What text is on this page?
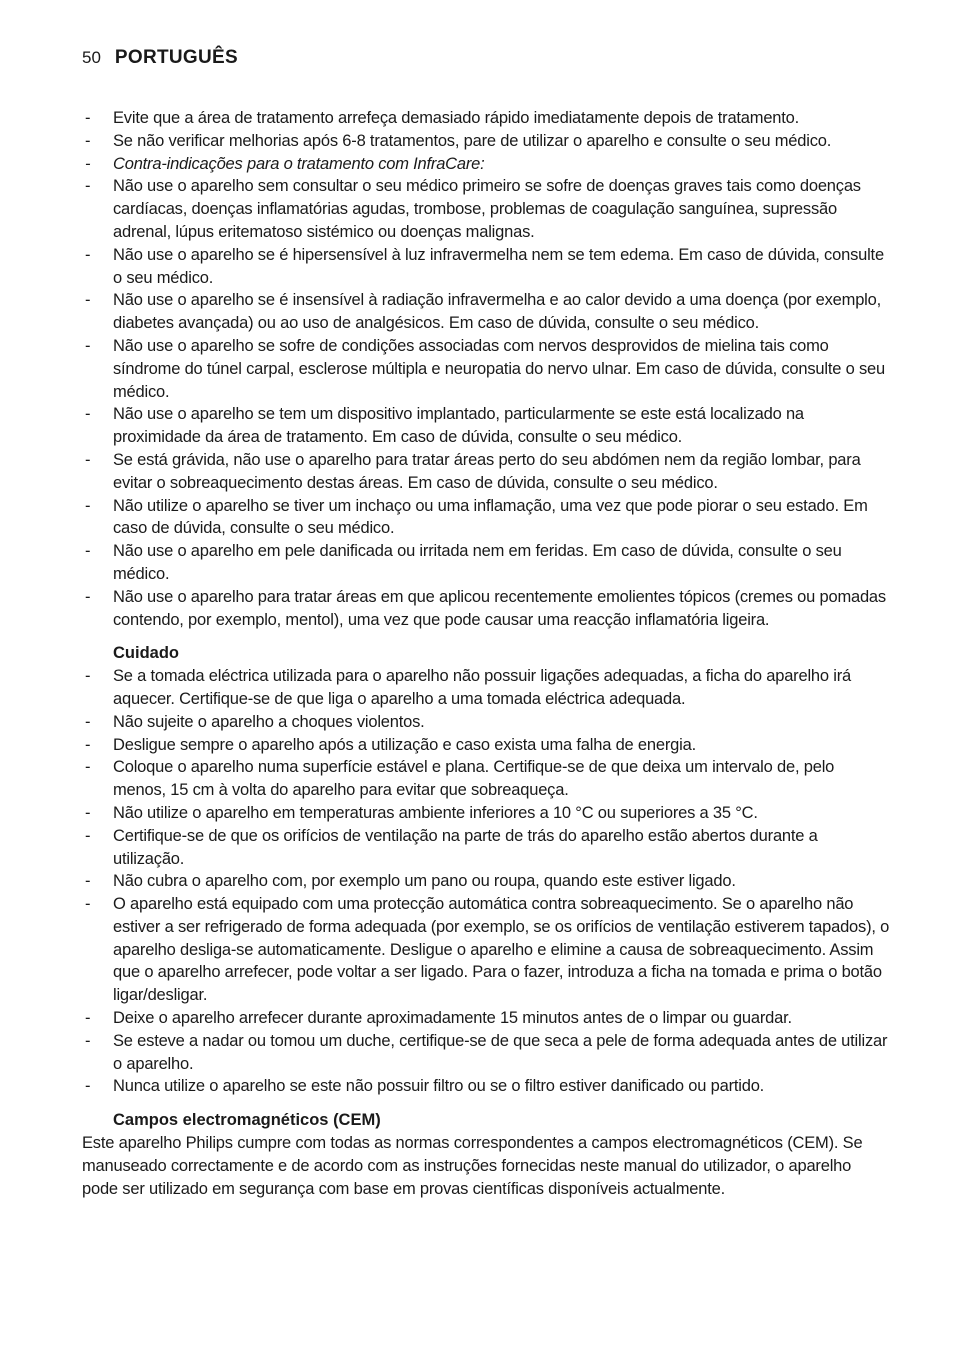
50 PORTUGUÊS
- Evite que a área de tratamento arrefeça demasiado rápido imediatamente depois de tratamento.
- Se não verificar melhorias após 6-8 tratamentos, pare de utilizar o aparelho e consulte o seu médico.
- Contra-indicações para o tratamento com InfraCare:
- Não use o aparelho sem consultar o seu médico primeiro se sofre de doenças graves tais como doenças cardíacas, doenças inflamatórias agudas, trombose, problemas de coagulação sanguínea, supressão adrenal, lúpus eritematoso sistémico ou doenças malignas.
- Não use o aparelho se é hipersensível à luz infravermelha nem se tem edema. Em caso de dúvida, consulte o seu médico.
- Não use o aparelho se é insensível à radiação infravermelha e ao calor devido a uma doença (por exemplo, diabetes avançada) ou ao uso de analgésicos. Em caso de dúvida, consulte o seu médico.
- Não use o aparelho se sofre de condições associadas com nervos desprovidos de mielina tais como síndrome do túnel carpal, esclerose múltipla e neuropatia do nervo ulnar. Em caso de dúvida, consulte o seu médico.
- Não use o aparelho se tem um dispositivo implantado, particularmente se este está localizado na proximidade da área de tratamento. Em caso de dúvida, consulte o seu médico.
- Se está grávida, não use o aparelho para tratar áreas perto do seu abdómen nem da região lombar, para evitar o sobreaquecimento destas áreas. Em caso de dúvida, consulte o seu médico.
- Não utilize o aparelho se tiver um inchaço ou uma inflamação, uma vez que pode piorar o seu estado. Em caso de dúvida, consulte o seu médico.
- Não use o aparelho em pele danificada ou irritada nem em feridas. Em caso de dúvida, consulte o seu médico.
- Não use o aparelho para tratar áreas em que aplicou recentemente emolientes tópicos (cremes ou pomadas contendo, por exemplo, mentol), uma vez que pode causar uma reacção inflamatória ligeira.
Cuidado
- Se a tomada eléctrica utilizada para o aparelho não possuir ligações adequadas, a ficha do aparelho irá aquecer. Certifique-se de que liga o aparelho a uma tomada eléctrica adequada.
- Não sujeite o aparelho a choques violentos.
- Desligue sempre o aparelho após a utilização e caso exista uma falha de energia.
- Coloque o aparelho numa superfície estável e plana. Certifique-se de que deixa um intervalo de, pelo menos, 15 cm à volta do aparelho para evitar que sobreaqueça.
- Não utilize o aparelho em temperaturas ambiente inferiores a 10 °C ou superiores a 35 °C.
- Certifique-se de que os orifícios de ventilação na parte de trás do aparelho estão abertos durante a utilização.
- Não cubra o aparelho com, por exemplo um pano ou roupa, quando este estiver ligado.
- O aparelho está equipado com uma protecção automática contra sobreaquecimento. Se o aparelho não estiver a ser refrigerado de forma adequada (por exemplo, se os orifícios de ventilação estiverem tapados), o aparelho desliga-se automaticamente. Desligue o aparelho e elimine a causa de sobreaquecimento. Assim que o aparelho arrefecer, pode voltar a ser ligado. Para o fazer, introduza a ficha na tomada e prima o botão ligar/desligar.
- Deixe o aparelho arrefecer durante aproximadamente 15 minutos antes de o limpar ou guardar.
- Se esteve a nadar ou tomou um duche, certifique-se de que seca a pele de forma adequada antes de utilizar o aparelho.
- Nunca utilize o aparelho se este não possuir filtro ou se o filtro estiver danificado ou partido.
Campos electromagnéticos (CEM)

Este aparelho Philips cumpre com todas as normas correspondentes a campos electromagnéticos (CEM). Se manuseado correctamente e de acordo com as instruções fornecidas neste manual do utilizador, o aparelho pode ser utilizado em segurança com base em provas científicas disponíveis actualmente.
